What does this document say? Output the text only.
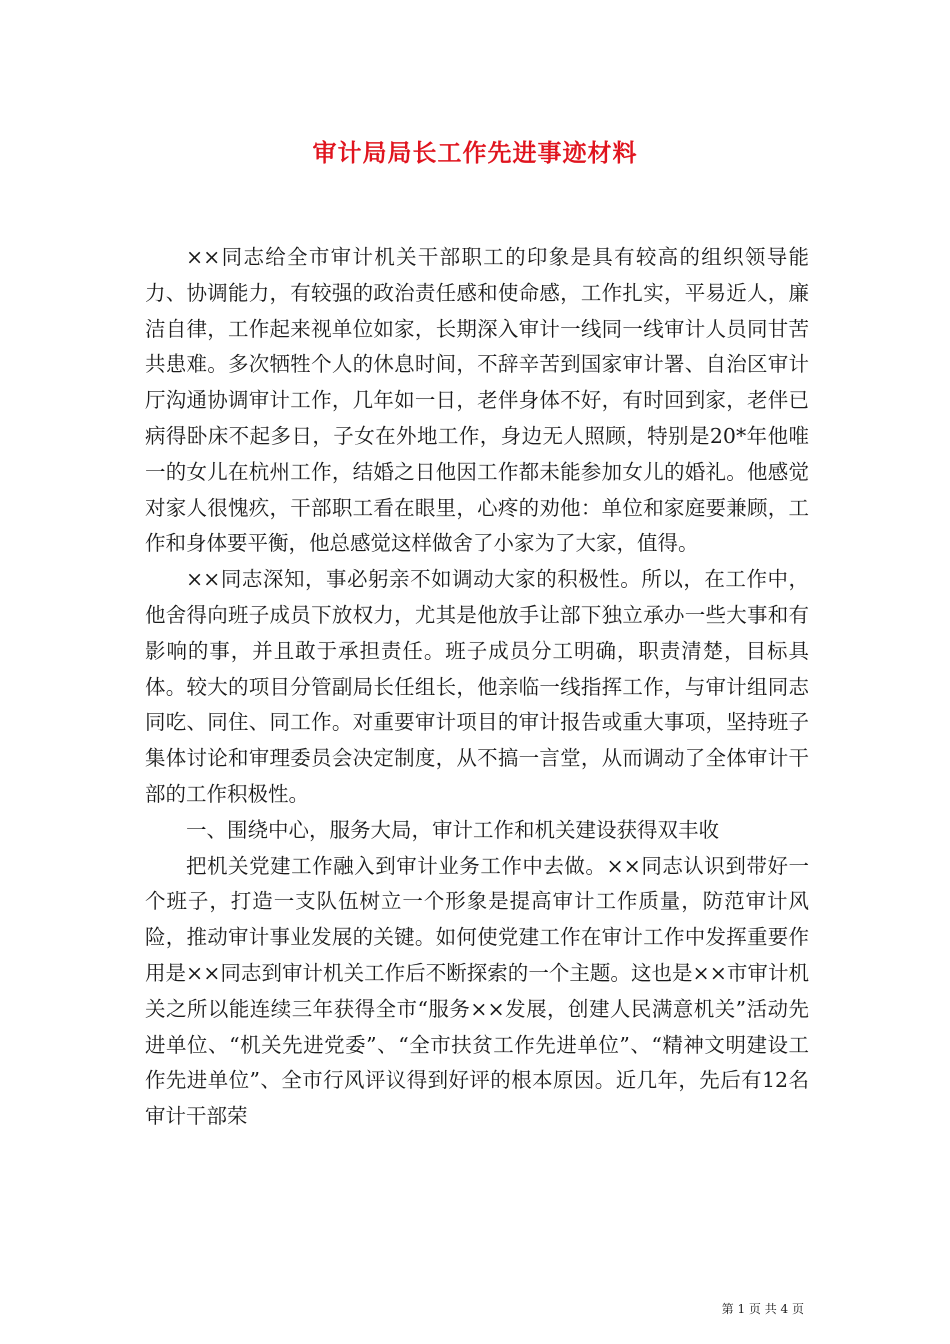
审计局局长工作先进事迹材料

××同志给全市审计机关干部职工的印象是具有较高的组织领导能力、协调能力，有较强的政治责任感和使命感，工作扎实，平易近人，廉洁自律，工作起来视单位如家，长期深入审计一线同一线审计人员同甘苦共患难。多次牺牲个人的休息时间，不辞辛苦到国家审计署、自治区审计厅沟通协调审计工作，几年如一日，老伴身体不好，有时回到家，老伴已病得卧床不起多日，子女在外地工作，身边无人照顾，特别是20*年他唯一的女儿在杭州工作，结婚之日他因工作都未能参加女儿的婚礼。他感觉对家人很愧疚，干部职工看在眼里，心疼的劝他：单位和家庭要兼顾，工作和身体要平衡，他总感觉这样做舍了小家为了大家，值得。

××同志深知，事必躬亲不如调动大家的积极性。所以，在工作中，他舍得向班子成员下放权力，尤其是他放手让部下独立承办一些大事和有影响的事，并且敢于承担责任。班子成员分工明确，职责清楚，目标具体。较大的项目分管副局长任组长，他亲临一线指挥工作，与审计组同志同吃、同住、同工作。对重要审计项目的审计报告或重大事项，坚持班子集体讨论和审理委员会决定制度，从不搞一言堂，从而调动了全体审计干部的工作积极性。

一、围绕中心，服务大局，审计工作和机关建设获得双丰收

把机关党建工作融入到审计业务工作中去做。××同志认识到带好一个班子，打造一支队伍树立一个形象是提高审计工作质量，防范审计风险，推动审计事业发展的关键。如何使党建工作在审计工作中发挥重要作用是××同志到审计机关工作后不断探索的一个主题。这也是××市审计机关之所以能连续三年获得全市“服务××发展，创建人民满意机关”活动先进单位、“机关先进党委”、“全市扶贫工作先进单位”、“精神文明建设工作先进单位”、全市行风评议得到好评的根本原因。近几年，先后有12名审计干部荣

第 1 页 共 4 页
